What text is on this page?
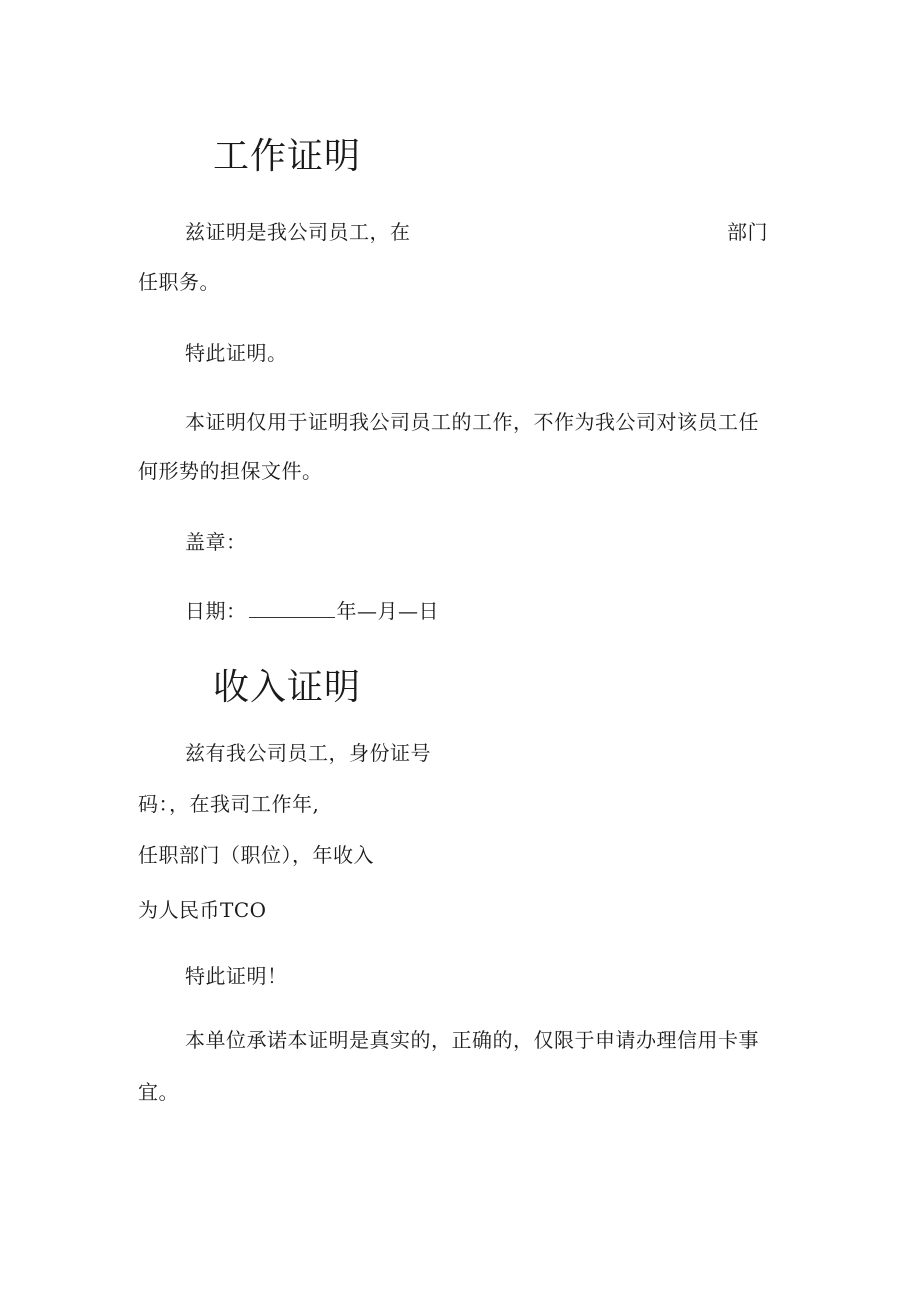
工作证明

兹证明是我公司员工，在	部门

任职务。

特此证明。

本证明仅用于证明我公司员工的工作，不作为我公司对该员工任

何形势的担保文件。

盖章：

日期：	年—月—日

收入证明

兹有我公司员工，身份证号

码：，在我司工作年,

任职部门（职位），年收入

为人民币TCO

特此证明！

本单位承诺本证明是真实的，正确的，仅限于申请办理信用卡事

宜。
